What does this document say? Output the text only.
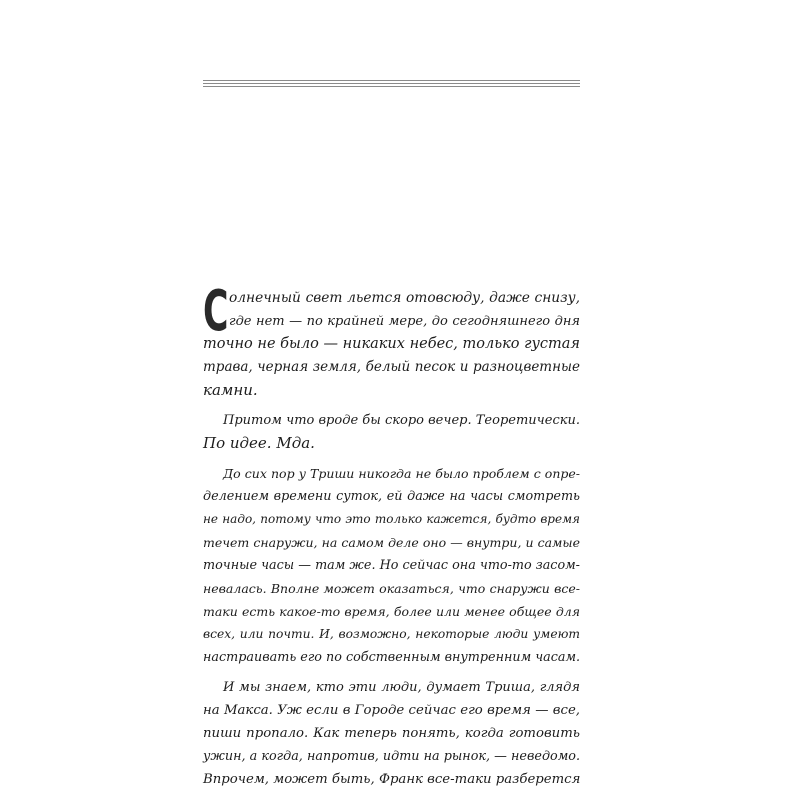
С олнечный свет льется отовсюду, даже снизу,
где нет — по крайней мере, до сегодняшнего дня
точно не было — никаких небес, только густая
трава, черная земля, белый песок и разноцветные
камни.
Притом что вроде бы скоро вечер. Теоретически.
По идее. Мда.
До сих пор у Триши никогда не было проблем с опре-
делением времени суток, ей даже на часы смотреть
не надо, потому что это только кажется, будто время
течет снаружи, на самом деле оно — внутри, и самые
точные часы — там же. Но сейчас она что-то засом-
невалась. Вполне может оказаться, что снаружи все-
таки есть какое-то время, более или менее общее для
всех, или почти. И, возможно, некоторые люди умеют
настраивать его по собственным внутренним часам.
И мы знаем, кто эти люди, думает Триша, глядя
на Макса. Уж если в Городе сейчас его время — все,
пиши пропало. Как теперь понять, когда готовить
ужин, а когда, напротив, идти на рынок, — неведомо.
Впрочем, может быть, Франк все-таки разберется
